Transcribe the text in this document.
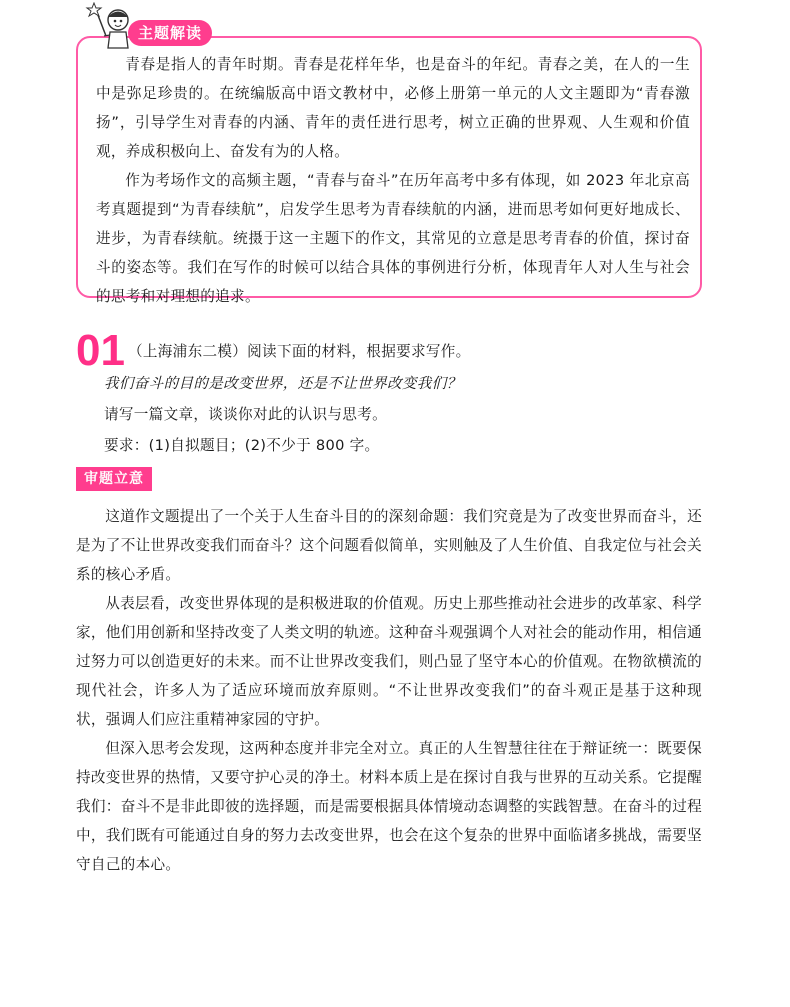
主题解读

青春是指人的青年时期。青春是花样年华，也是奋斗的年纪。青春之美，在人的一生中是弥足珍贵的。在统编版高中语文教材中，必修上册第一单元的人文主题即为“青春激扬”，引导学生对青春的内涵、青年的责任进行思考，树立正确的世界观、人生观和价值观，养成积极向上、奋发有为的人格。

作为考场作文的高频主题，“青春与奋斗”在历年高考中多有体现，如 2023 年北京高考真题提到“为青春续航”，启发学生思考为青春续航的内涵，进而思考如何更好地成长、进步，为青春续航。统摄于这一主题下的作文，其常见的立意是思考青春的价值，探讨奋斗的姿态等。我们在写作的时候可以结合具体的事例进行分析，体现青年人对人生与社会的思考和对理想的追求。

01 （上海浦东二模）阅读下面的材料，根据要求写作。

我们奋斗的目的是改变世界，还是不让世界改变我们？

请写一篇文章，谈谈你对此的认识与思考。

要求：(1)自拟题目；(2)不少于 800 字。

审题立意

这道作文题提出了一个关于人生奋斗目的的深刻命题：我们究竟是为了改变世界而奋斗，还是为了不让世界改变我们而奋斗？这个问题看似简单，实则触及了人生价值、自我定位与社会关系的核心矛盾。

从表层看，改变世界体现的是积极进取的价值观。历史上那些推动社会进步的改革家、科学家，他们用创新和坚持改变了人类文明的轨迹。这种奋斗观强调个人对社会的能动作用，相信通过努力可以创造更好的未来。而不让世界改变我们，则凸显了坚守本心的价值观。在物欲横流的现代社会，许多人为了适应环境而放弃原则。“不让世界改变我们”的奋斗观正是基于这种现状，强调人们应注重精神家园的守护。

但深入思考会发现，这两种态度并非完全对立。真正的人生智慧往往在于辩证统一：既要保持改变世界的热情，又要守护心灵的净土。材料本质上是在探讨自我与世界的互动关系。它提醒我们：奋斗不是非此即彼的选择题，而是需要根据具体情境动态调整的实践智慧。在奋斗的过程中，我们既有可能通过自身的努力去改变世界，也会在这个复杂的世界中面临诸多挑战，需要坚守自己的本心。
